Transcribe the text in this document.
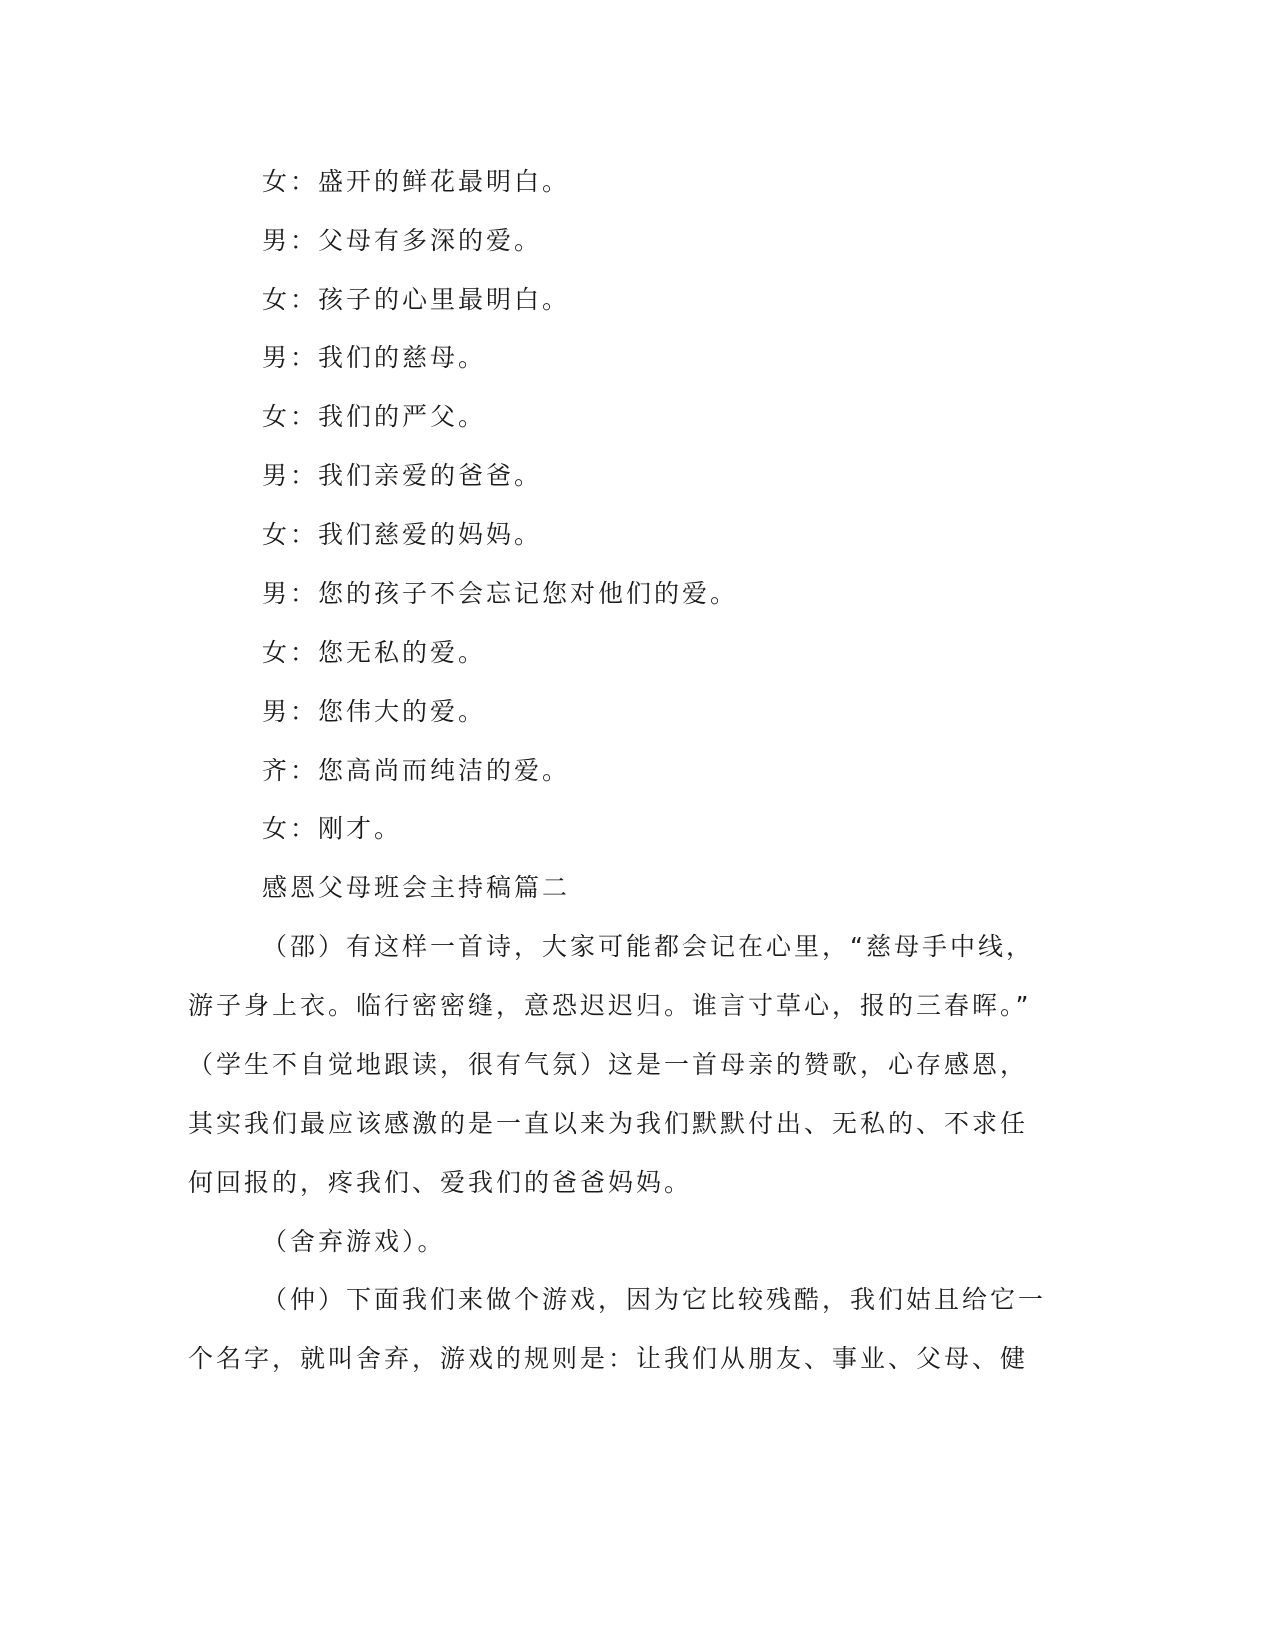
女：盛开的鲜花最明白。
男：父母有多深的爱。
女：孩子的心里最明白。
男：我们的慈母。
女：我们的严父。
男：我们亲爱的爸爸。
女：我们慈爱的妈妈。
男：您的孩子不会忘记您对他们的爱。
女：您无私的爱。
男：您伟大的爱。
齐：您高尚而纯洁的爱。
女：刚才。
感恩父母班会主持稿篇二
（邵）有这样一首诗，大家可能都会记在心里，“慈母手中线，
游子身上衣。临行密密缝，意恐迟迟归。谁言寸草心，报的三春晖。”
（学生不自觉地跟读，很有气氛）这是一首母亲的赞歌，心存感恩，
其实我们最应该感激的是一直以来为我们默默付出、无私的、不求任
何回报的，疼我们、爱我们的爸爸妈妈。
（舍弃游戏）。
（仲）下面我们来做个游戏，因为它比较残酷，我们姑且给它一
个名字，就叫舍弃，游戏的规则是：让我们从朋友、事业、父母、健
